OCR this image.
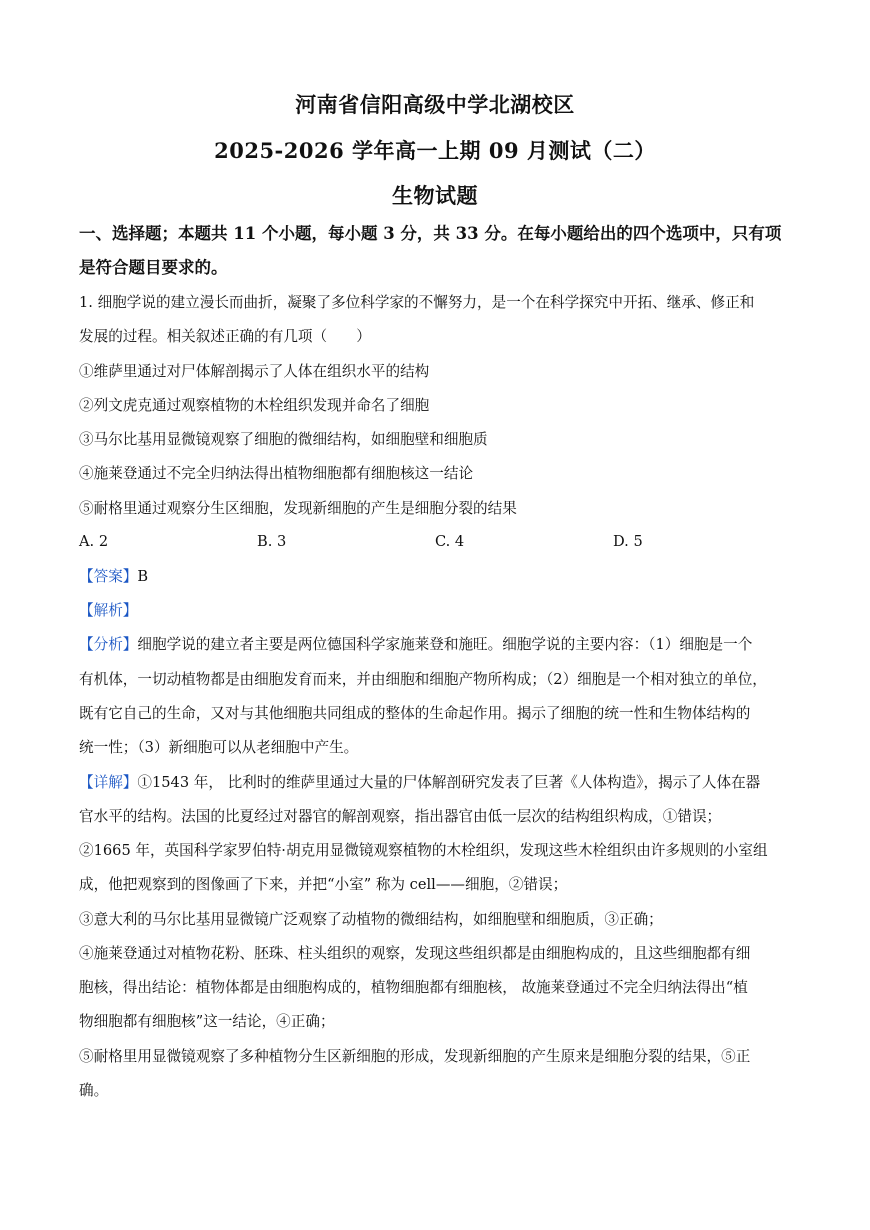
河南省信阳高级中学北湖校区
2025-2026 学年高一上期 09 月测试（二）
生物试题
一、选择题；本题共 11 个小题，每小题 3 分，共 33 分。在每小题给出的四个选项中，只有项
是符合题目要求的。
1. 细胞学说的建立漫长而曲折，凝聚了多位科学家的不懈努力，是一个在科学探究中开拓、继承、修正和
发展的过程。相关叙述正确的有几项（　　）
①维萨里通过对尸体解剖揭示了人体在组织水平的结构
②列文虎克通过观察植物的木栓组织发现并命名了细胞
③马尔比基用显微镜观察了细胞的微细结构，如细胞壁和细胞质
④施莱登通过不完全归纳法得出植物细胞都有细胞核这一结论
⑤耐格里通过观察分生区细胞，发现新细胞的产生是细胞分裂的结果
A. 2	B. 3	C. 4	D. 5
【答案】B
【解析】
【分析】细胞学说的建立者主要是两位德国科学家施莱登和施旺。细胞学说的主要内容：（1）细胞是一个
有机体，一切动植物都是由细胞发育而来，并由细胞和细胞产物所构成；（2）细胞是一个相对独立的单位，
既有它自己的生命，又对与其他细胞共同组成的整体的生命起作用。揭示了细胞的统一性和生物体结构的
统一性；（3）新细胞可以从老细胞中产生。
【详解】①1543 年， 比利时的维萨里通过大量的尸体解剖研究发表了巨著《人体构造》，揭示了人体在器
官水平的结构。法国的比夏经过对器官的解剖观察，指出器官由低一层次的结构组织构成，①错误；
②1665 年，英国科学家罗伯特·胡克用显微镜观察植物的木栓组织，发现这些木栓组织由许多规则的小室组
成，他把观察到的图像画了下来，并把“小室” 称为 cell——细胞，②错误；
③意大利的马尔比基用显微镜广泛观察了动植物的微细结构，如细胞壁和细胞质，③正确；
④施莱登通过对植物花粉、胚珠、柱头组织的观察，发现这些组织都是由细胞构成的，且这些细胞都有细
胞核，得出结论：植物体都是由细胞构成的，植物细胞都有细胞核， 故施莱登通过不完全归纳法得出“植
物细胞都有细胞核”这一结论，④正确；
⑤耐格里用显微镜观察了多种植物分生区新细胞的形成，发现新细胞的产生原来是细胞分裂的结果，⑤正
确。
